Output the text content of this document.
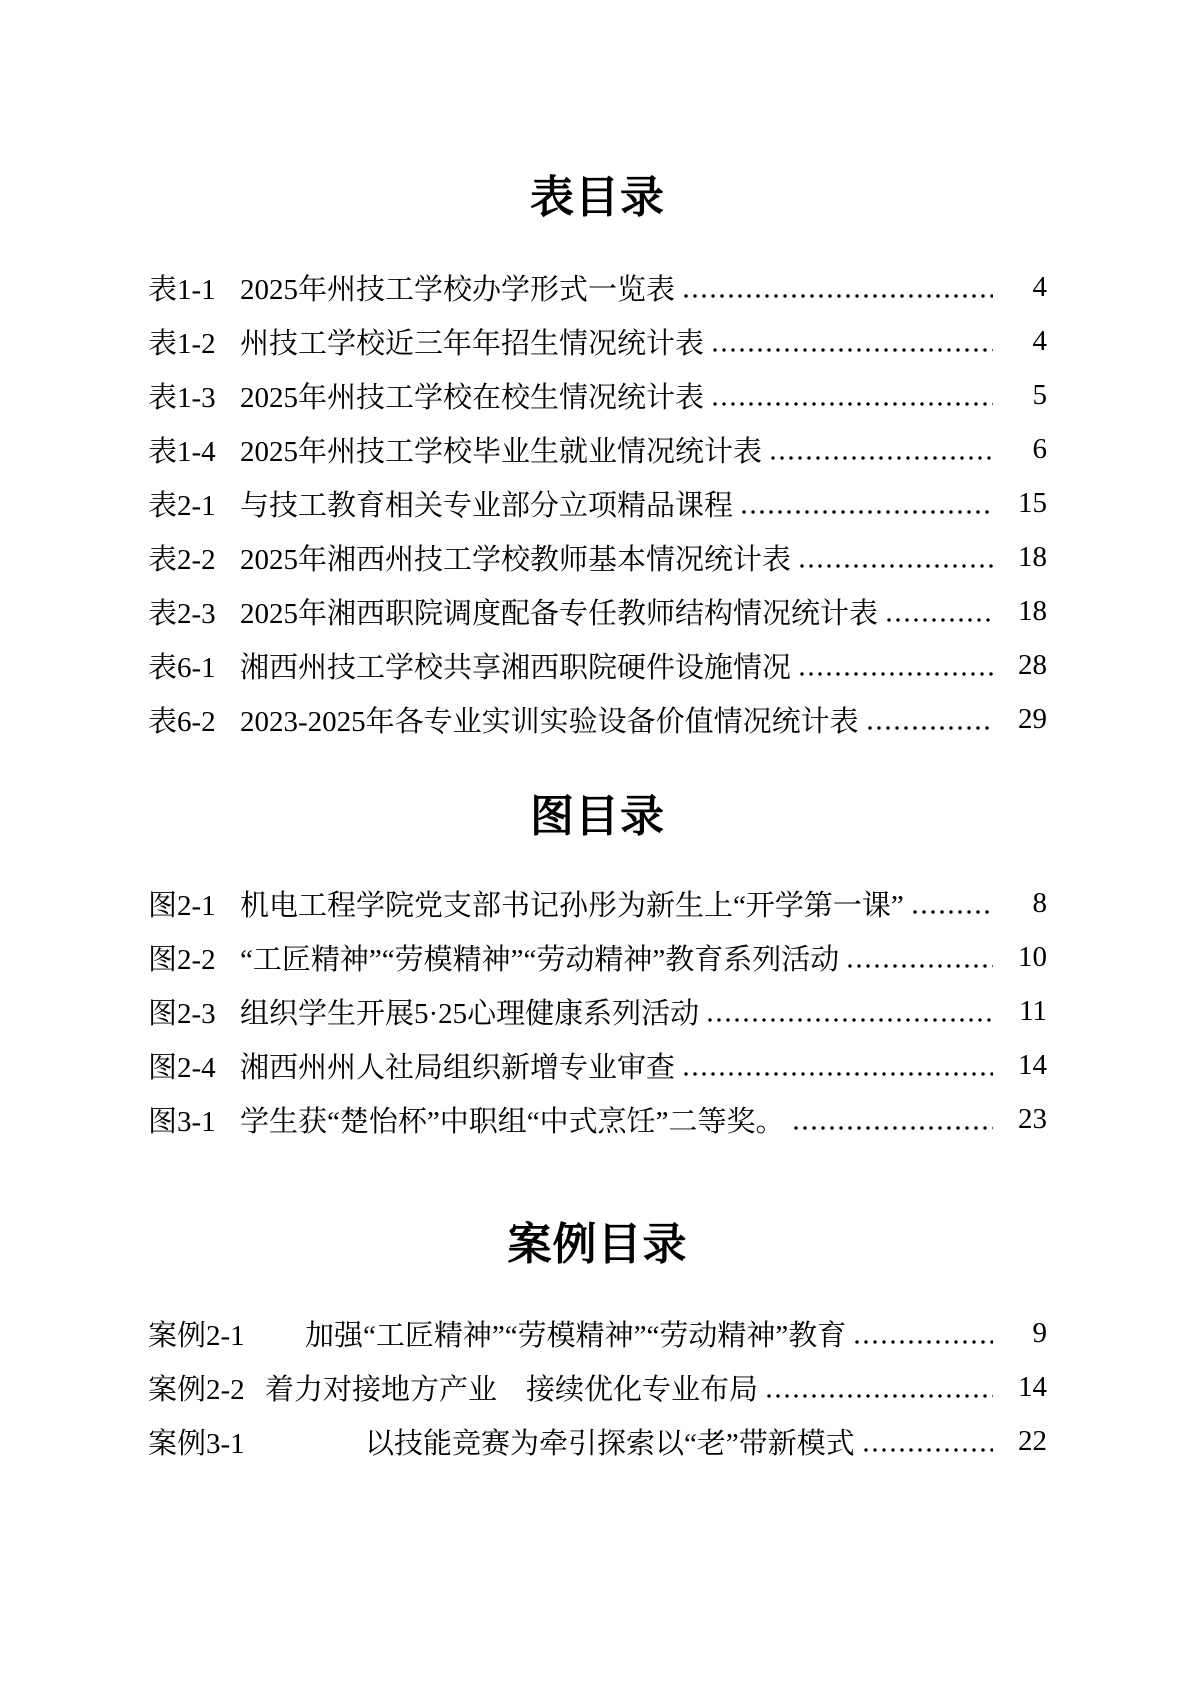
表目录
表1-1 2025年州技工学校办学形式一览表	4
表1-2 州技工学校近三年年招生情况统计表	4
表1-3 2025年州技工学校在校生情况统计表	5
表1-4 2025年州技工学校毕业生就业情况统计表	6
表2-1 与技工教育相关专业部分立项精品课程	15
表2-2 2025年湘西州技工学校教师基本情况统计表	18
表2-3 2025年湘西职院调度配备专任教师结构情况统计表	18
表6-1 湘西州技工学校共享湘西职院硬件设施情况	28
表6-2 2023-2025年各专业实训实验设备价值情况统计表	29
图目录
图2-1 机电工程学院党支部书记孙彤为新生上“开学第一课”	8
图2-2 “工匠精神”“劳模精神”“劳动精神”教育系列活动	10
图2-3 组织学生开展5·25心理健康系列活动	11
图2-4 湘西州州人社局组织新增专业审查	14
图3-1 学生获“楚怡杯”中职组“中式烹饪”二等奖。	23
案例目录
案例2-1	加强“工匠精神”“劳模精神”“劳动精神”教育	9
案例2-2 着力对接地方产业　接续优化专业布局	14
案例3-1	以技能竞赛为牵引探索以“老”带新模式	22
